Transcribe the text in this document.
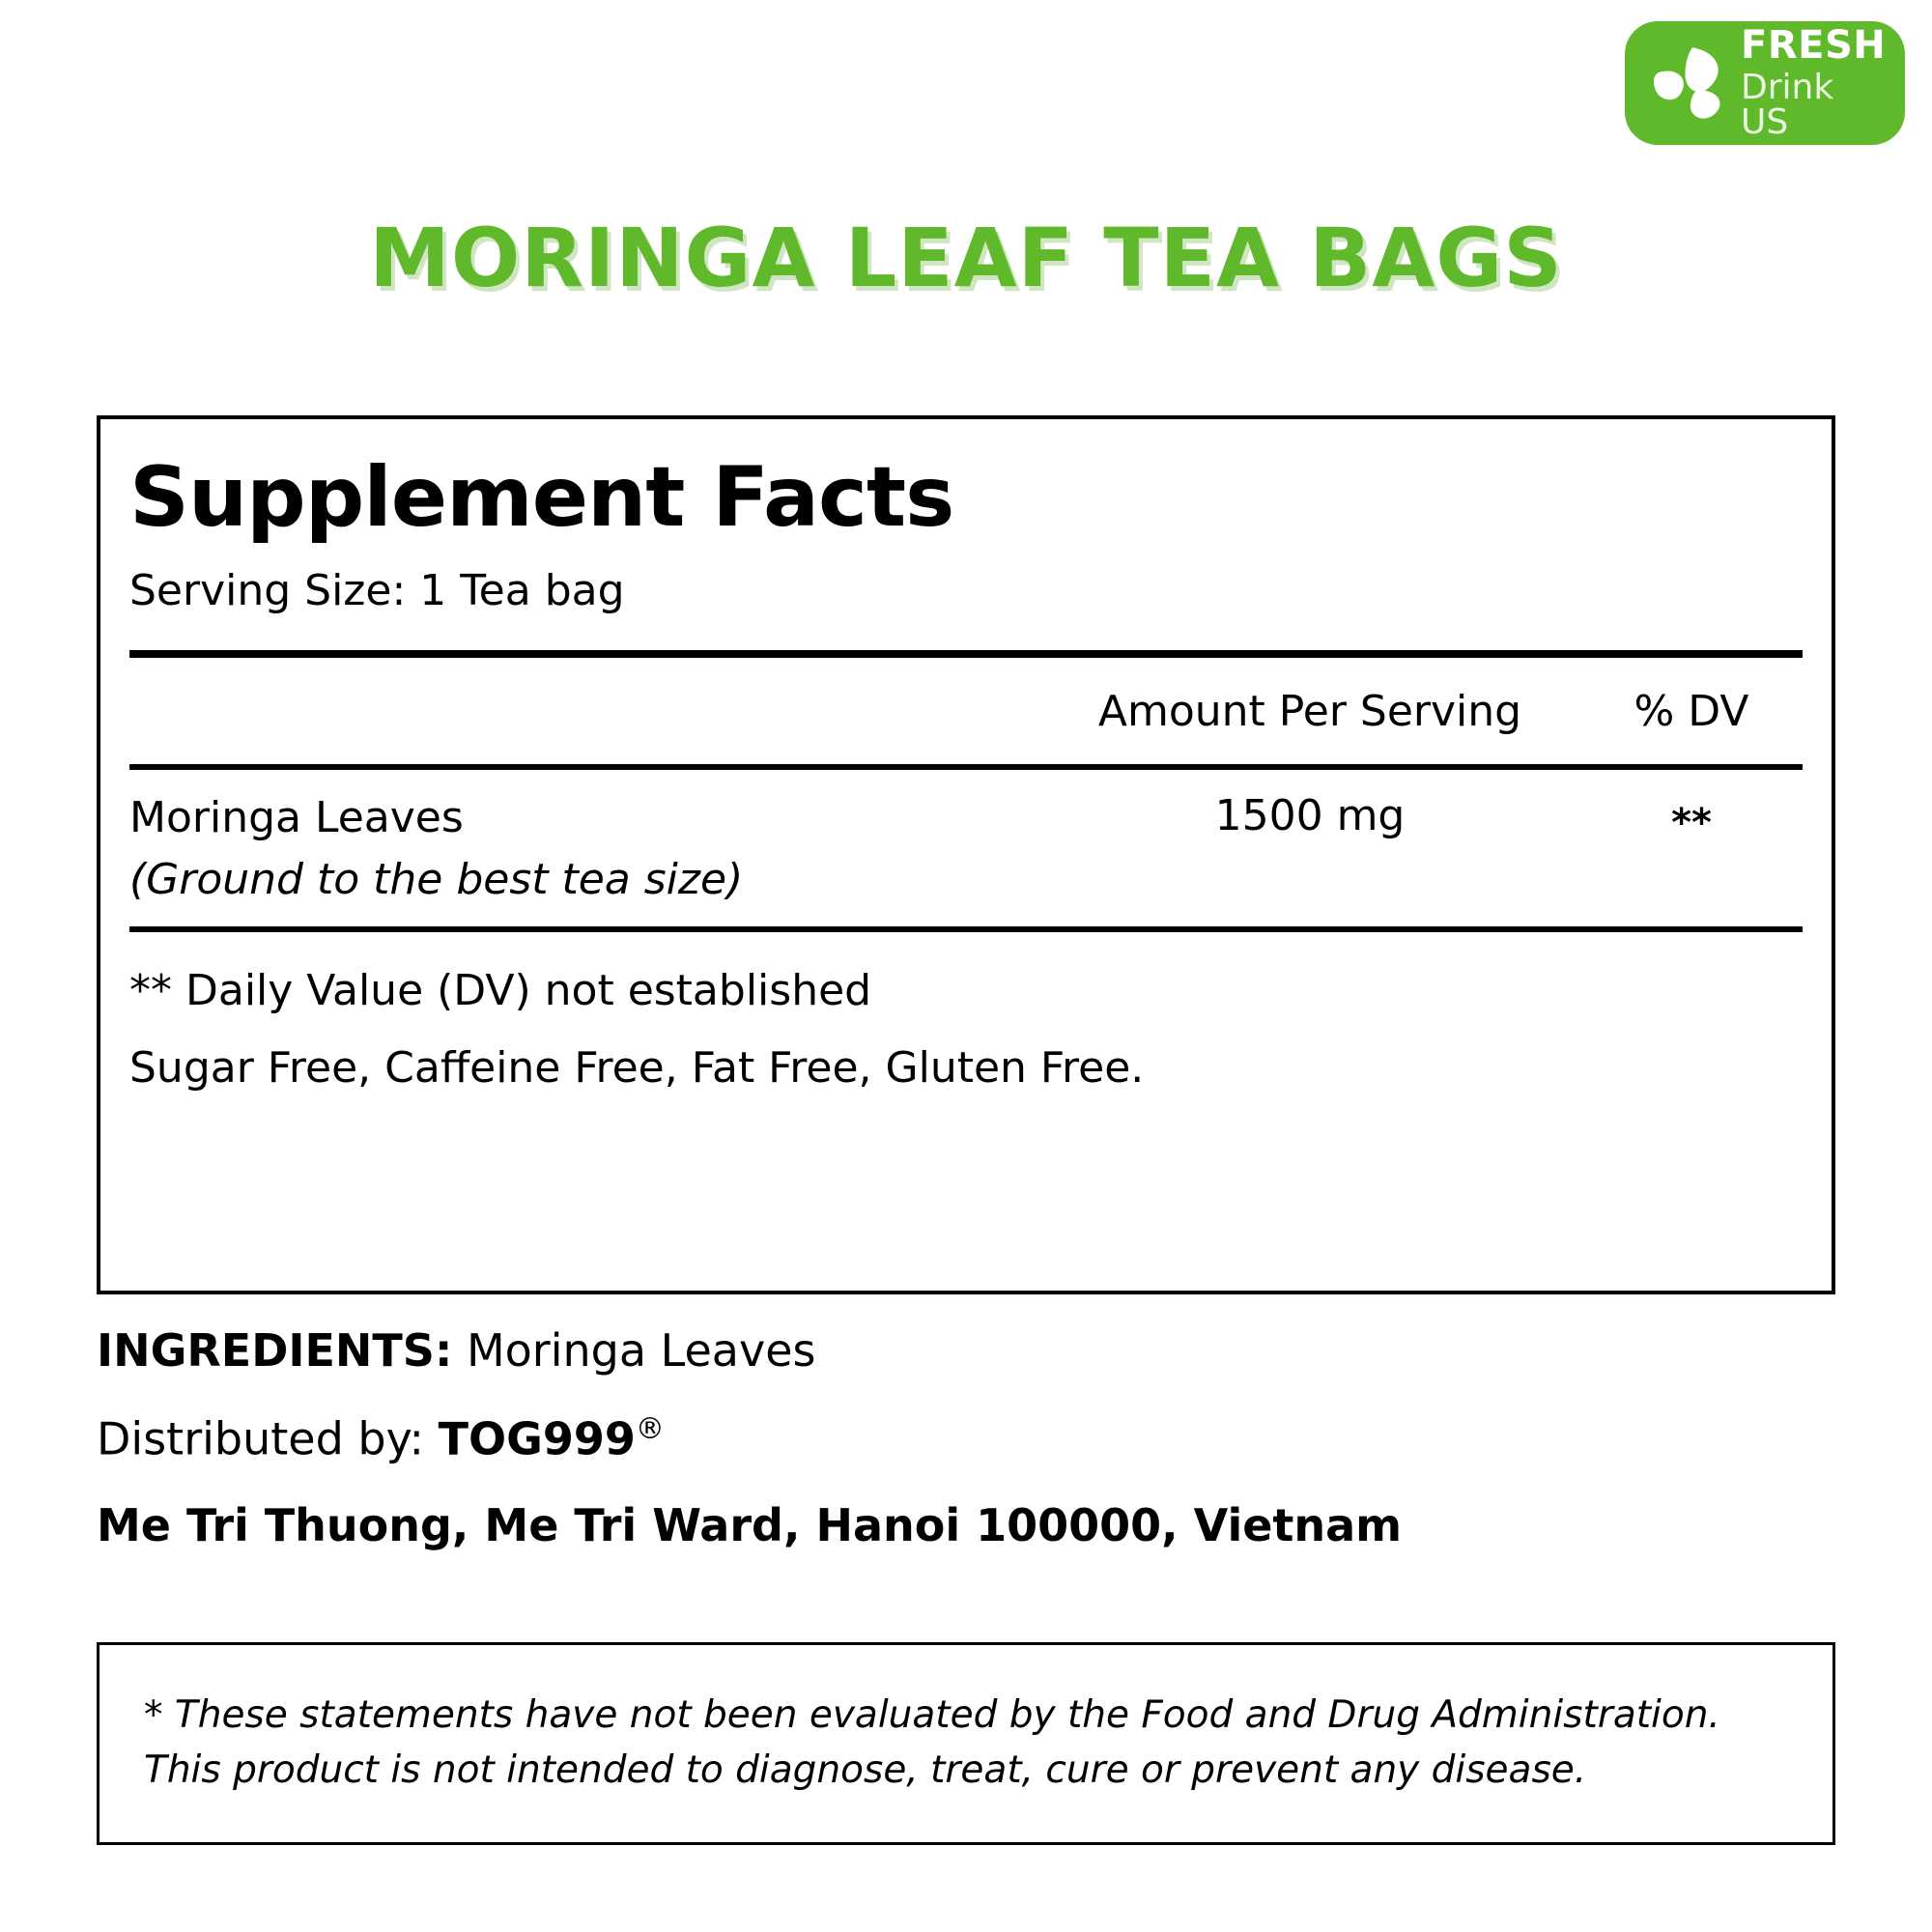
FRESH
Drink US
MORINGA LEAF TEA BAGS
Supplement Facts
Serving Size: 1 Tea bag
Amount Per Serving	% DV
Moringa Leaves
(Ground to the best tea size)
1500 mg	**
** Daily Value (DV) not established
Sugar Free, Caffeine Free, Fat Free, Gluten Free.
INGREDIENTS: Moringa Leaves
Distributed by: TOG999®
Me Tri Thuong, Me Tri Ward, Hanoi 100000, Vietnam
* These statements have not been evaluated by the Food and Drug Administration.
This product is not intended to diagnose, treat, cure or prevent any disease.
